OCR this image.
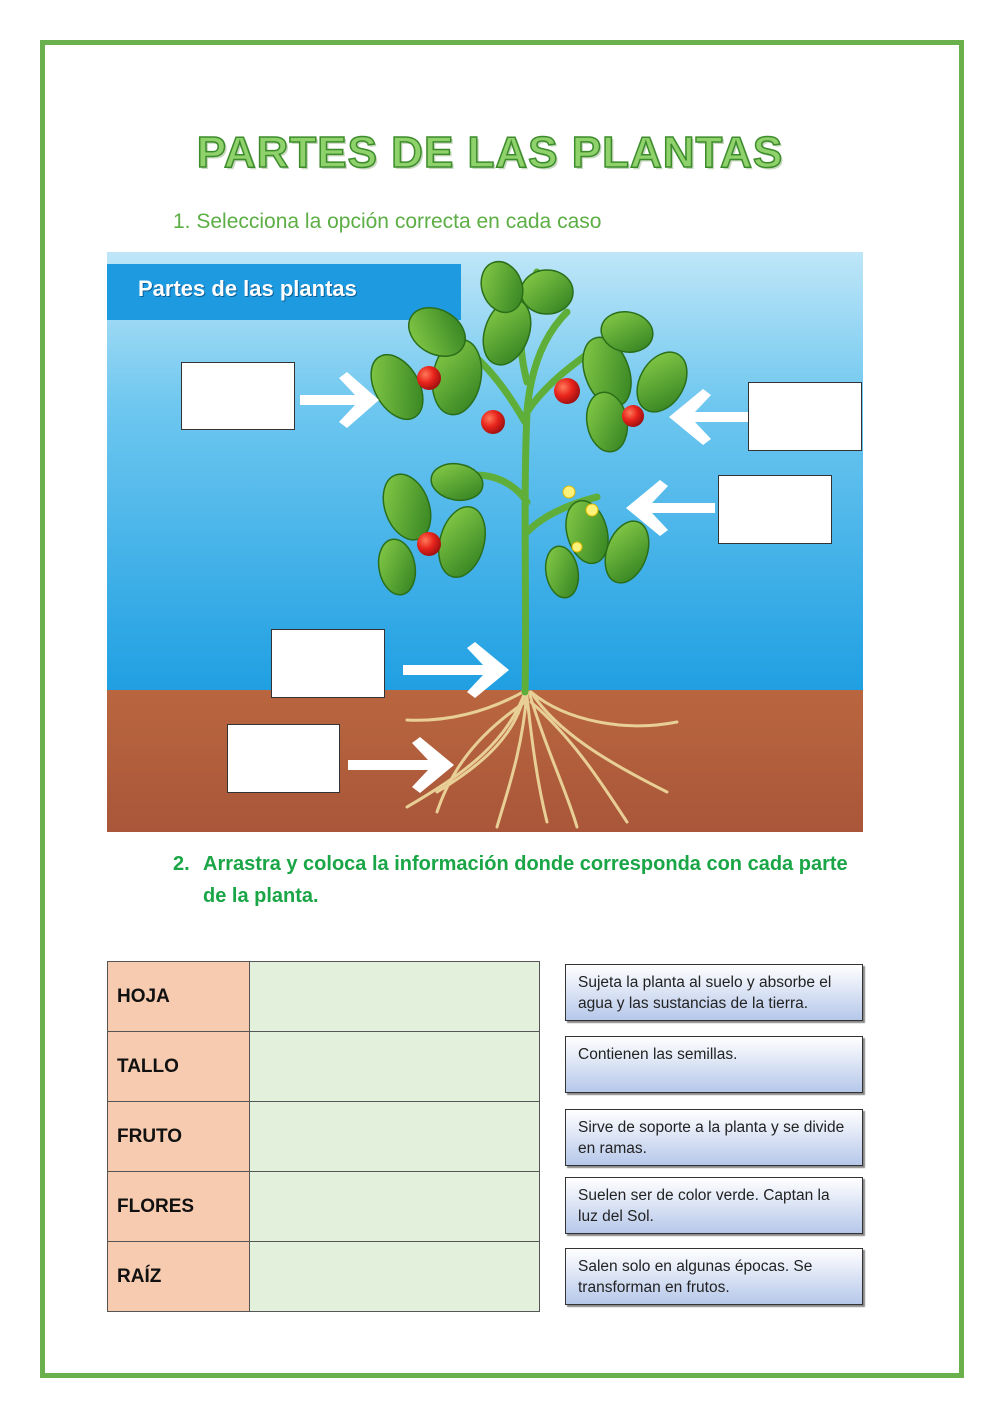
PARTES DE LAS PLANTAS
1. Selecciona la opción correcta en cada caso
Partes de las plantas
2. Arrastra y coloca la información donde corresponda con cada parte de la planta.
HOJA	
TALLO	
FRUTO	
FLORES	
RAÍZ	
Sujeta la planta al suelo y absorbe el agua y las sustancias de la tierra.
Contienen las semillas.
Sirve de soporte a la planta y se divide en ramas.
Suelen ser de color verde. Captan la luz del Sol.
Salen solo en algunas épocas. Se transforman en frutos.
